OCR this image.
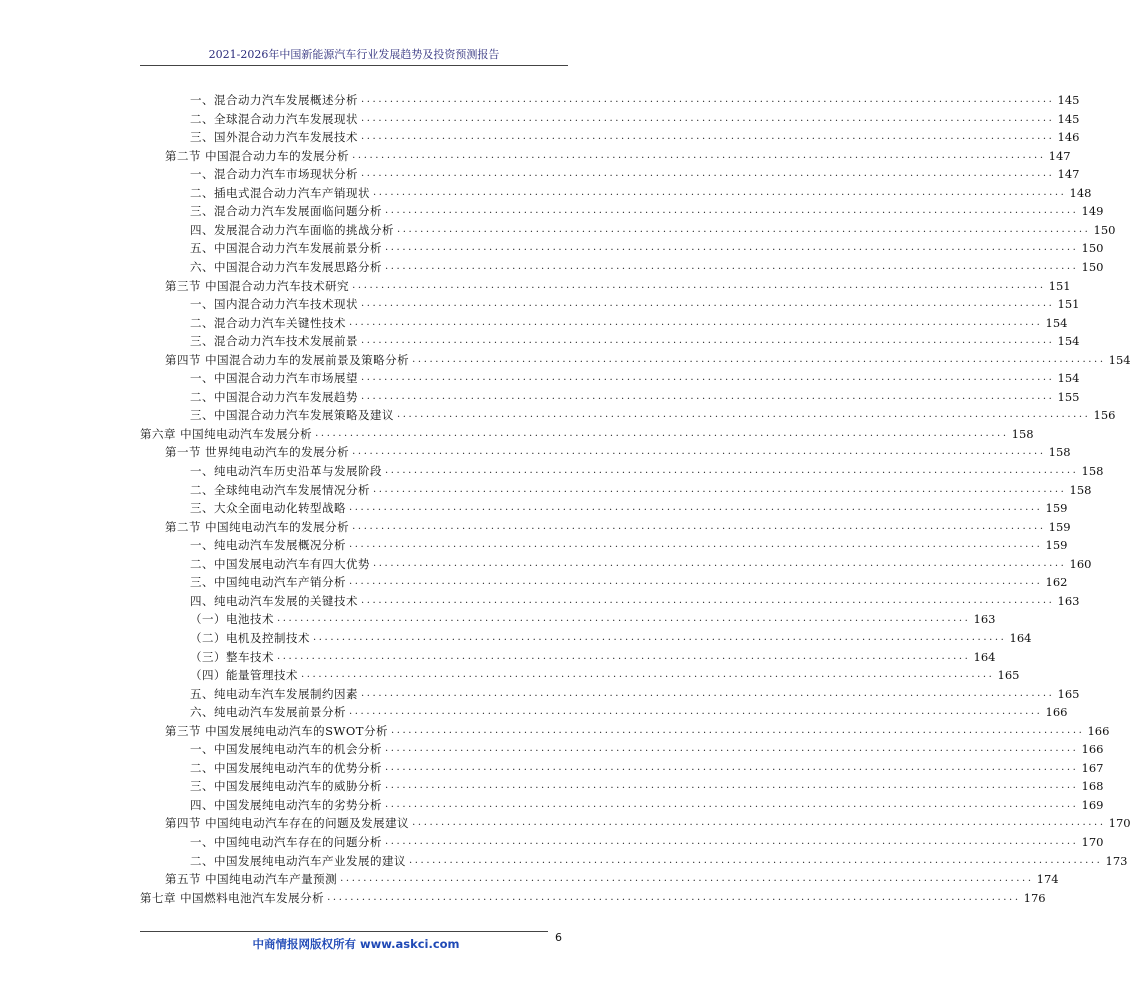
2021-2026年中国新能源汽车行业发展趋势及投资预测报告
一、混合动力汽车发展概述分析 ........................................................................................................................ 145
二、全球混合动力汽车发展现状 ........................................................................................................................ 145
三、国外混合动力汽车发展技术 ........................................................................................................................ 146
第二节 中国混合动力车的发展分析 ........................................................................................................................ 147
一、混合动力汽车市场现状分析 ........................................................................................................................ 147
二、插电式混合动力汽车产销现状 ........................................................................................................................ 148
三、混合动力汽车发展面临问题分析 ........................................................................................................................ 149
四、发展混合动力汽车面临的挑战分析 ........................................................................................................................ 150
五、中国混合动力汽车发展前景分析 ........................................................................................................................ 150
六、中国混合动力汽车发展思路分析 ........................................................................................................................ 150
第三节 中国混合动力汽车技术研究 ........................................................................................................................ 151
一、国内混合动力汽车技术现状 ........................................................................................................................ 151
二、混合动力汽车关键性技术 ........................................................................................................................ 154
三、混合动力汽车技术发展前景 ........................................................................................................................ 154
第四节 中国混合动力车的发展前景及策略分析 ........................................................................................................................ 154
一、中国混合动力汽车市场展望 ........................................................................................................................ 154
二、中国混合动力汽车发展趋势 ........................................................................................................................ 155
三、中国混合动力汽车发展策略及建议 ........................................................................................................................ 156
第六章 中国纯电动汽车发展分析 ........................................................................................................................ 158
第一节 世界纯电动汽车的发展分析 ........................................................................................................................ 158
一、纯电动汽车历史沿革与发展阶段 ........................................................................................................................ 158
二、全球纯电动汽车发展情况分析 ........................................................................................................................ 158
三、大众全面电动化转型战略 ........................................................................................................................ 159
第二节 中国纯电动汽车的发展分析 ........................................................................................................................ 159
一、纯电动汽车发展概况分析 ........................................................................................................................ 159
二、中国发展电动汽车有四大优势 ........................................................................................................................ 160
三、中国纯电动汽车产销分析 ........................................................................................................................ 162
四、纯电动汽车发展的关键技术 ........................................................................................................................ 163
（一）电池技术 ........................................................................................................................ 163
（二）电机及控制技术 ........................................................................................................................ 164
（三）整车技术 ........................................................................................................................ 164
（四）能量管理技术 ........................................................................................................................ 165
五、纯电动车汽车发展制约因素 ........................................................................................................................ 165
六、纯电动汽车发展前景分析 ........................................................................................................................ 166
第三节 中国发展纯电动汽车的SWOT分析 ........................................................................................................................ 166
一、中国发展纯电动汽车的机会分析 ........................................................................................................................ 166
二、中国发展纯电动汽车的优势分析 ........................................................................................................................ 167
三、中国发展纯电动汽车的威胁分析 ........................................................................................................................ 168
四、中国发展纯电动汽车的劣势分析 ........................................................................................................................ 169
第四节 中国纯电动汽车存在的问题及发展建议 ........................................................................................................................ 170
一、中国纯电动汽车存在的问题分析 ........................................................................................................................ 170
二、中国发展纯电动汽车产业发展的建议 ........................................................................................................................ 173
第五节 中国纯电动汽车产量预测 ........................................................................................................................ 174
第七章 中国燃料电池汽车发展分析 ........................................................................................................................ 176
中商情报网版权所有 www.askci.com	6
